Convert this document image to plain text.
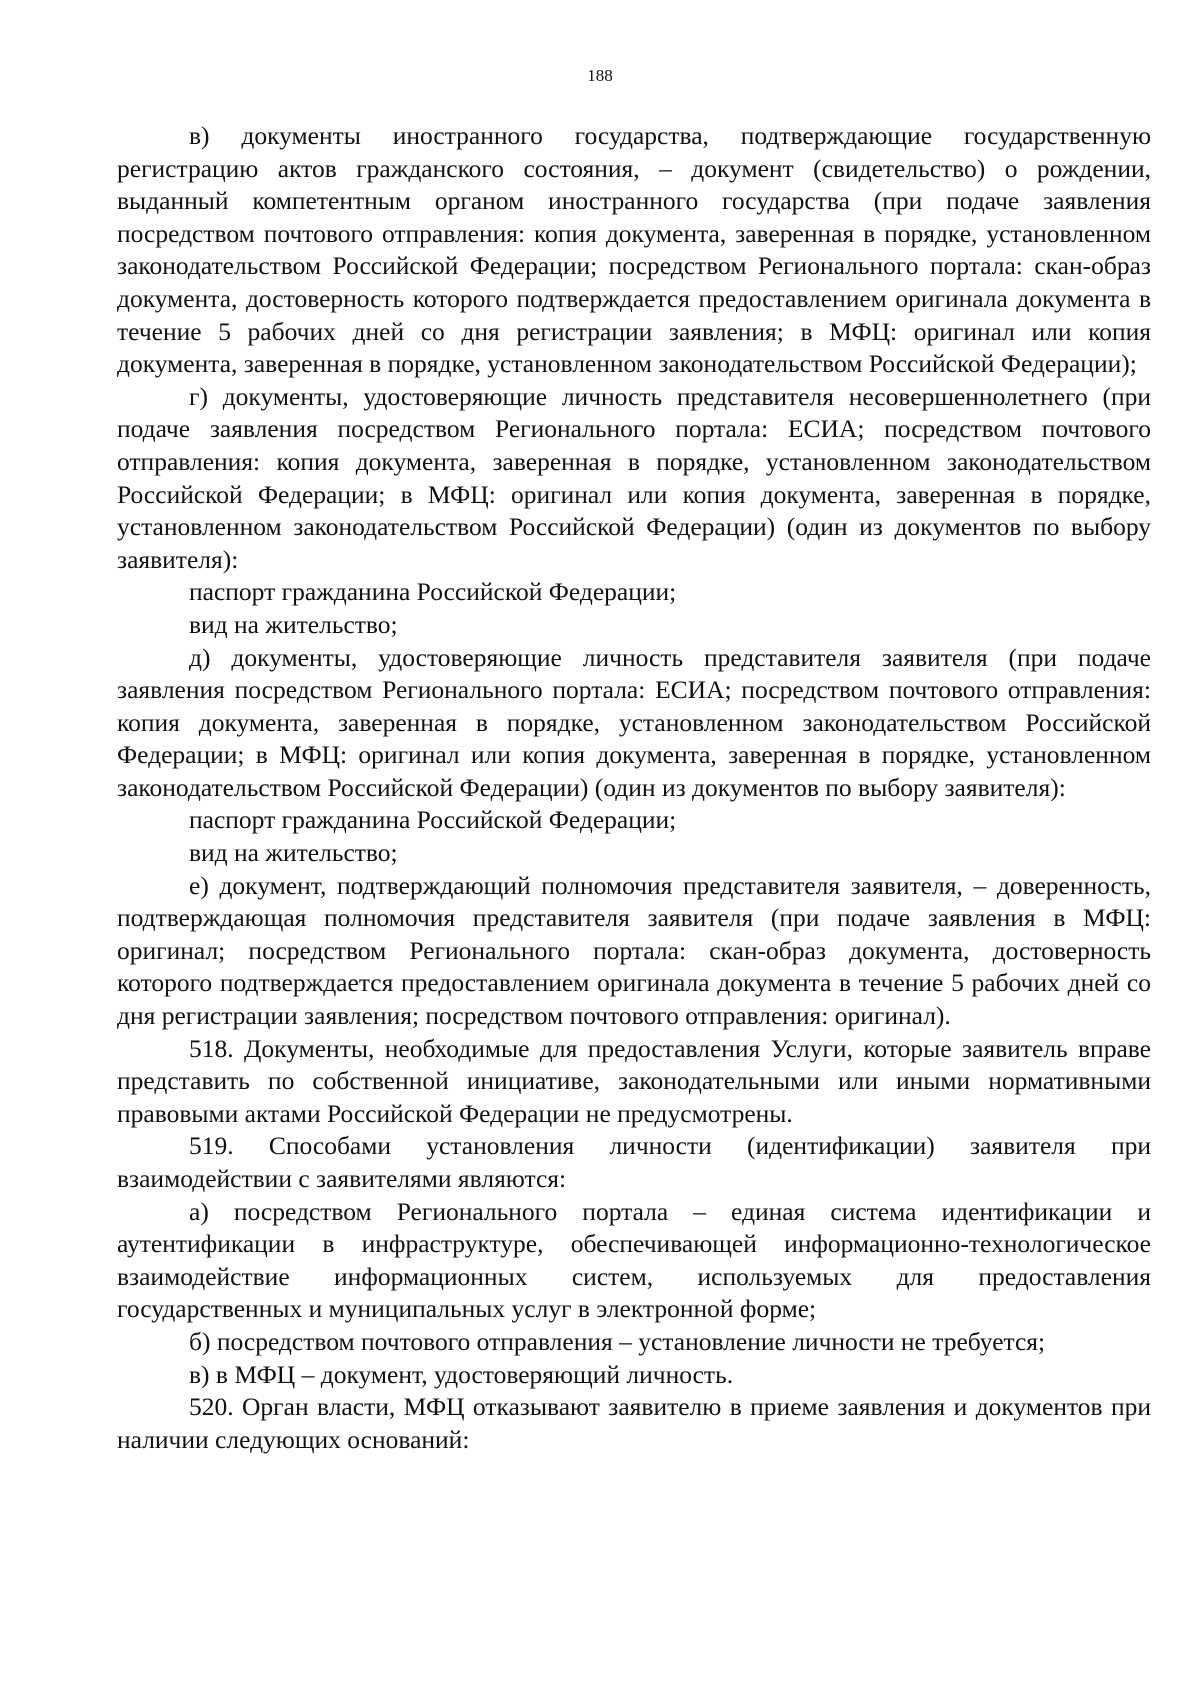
188

в) документы иностранного государства, подтверждающие государственную регистрацию актов гражданского состояния, – документ (свидетельство) о рождении, выданный компетентным органом иностранного государства (при подаче заявления посредством почтового отправления: копия документа, заверенная в порядке, установленном законодательством Российской Федерации; посредством Регионального портала: скан-образ документа, достоверность которого подтверждается предоставлением оригинала документа в течение 5 рабочих дней со дня регистрации заявления; в МФЦ: оригинал или копия документа, заверенная в порядке, установленном законодательством Российской Федерации);

г) документы, удостоверяющие личность представителя несовершеннолетнего (при подаче заявления посредством Регионального портала: ЕСИА; посредством почтового отправления: копия документа, заверенная в порядке, установленном законодательством Российской Федерации; в МФЦ: оригинал или копия документа, заверенная в порядке, установленном законодательством Российской Федерации) (один из документов по выбору заявителя):

паспорт гражданина Российской Федерации;

вид на жительство;

д) документы, удостоверяющие личность представителя заявителя (при подаче заявления посредством Регионального портала: ЕСИА; посредством почтового отправления: копия документа, заверенная в порядке, установленном законодательством Российской Федерации; в МФЦ: оригинал или копия документа, заверенная в порядке, установленном законодательством Российской Федерации) (один из документов по выбору заявителя):

паспорт гражданина Российской Федерации;

вид на жительство;

е) документ, подтверждающий полномочия представителя заявителя, – доверенность, подтверждающая полномочия представителя заявителя (при подаче заявления в МФЦ: оригинал; посредством Регионального портала: скан-образ документа, достоверность которого подтверждается предоставлением оригинала документа в течение 5 рабочих дней со дня регистрации заявления; посредством почтового отправления: оригинал).

518. Документы, необходимые для предоставления Услуги, которые заявитель вправе представить по собственной инициативе, законодательными или иными нормативными правовыми актами Российской Федерации не предусмотрены.

519. Способами установления личности (идентификации) заявителя при взаимодействии с заявителями являются:

а) посредством Регионального портала – единая система идентификации и аутентификации в инфраструктуре, обеспечивающей информационно-технологическое взаимодействие информационных систем, используемых для предоставления государственных и муниципальных услуг в электронной форме;

б) посредством почтового отправления – установление личности не требуется;

в) в МФЦ – документ, удостоверяющий личность.

520. Орган власти, МФЦ отказывают заявителю в приеме заявления и документов при наличии следующих оснований:
